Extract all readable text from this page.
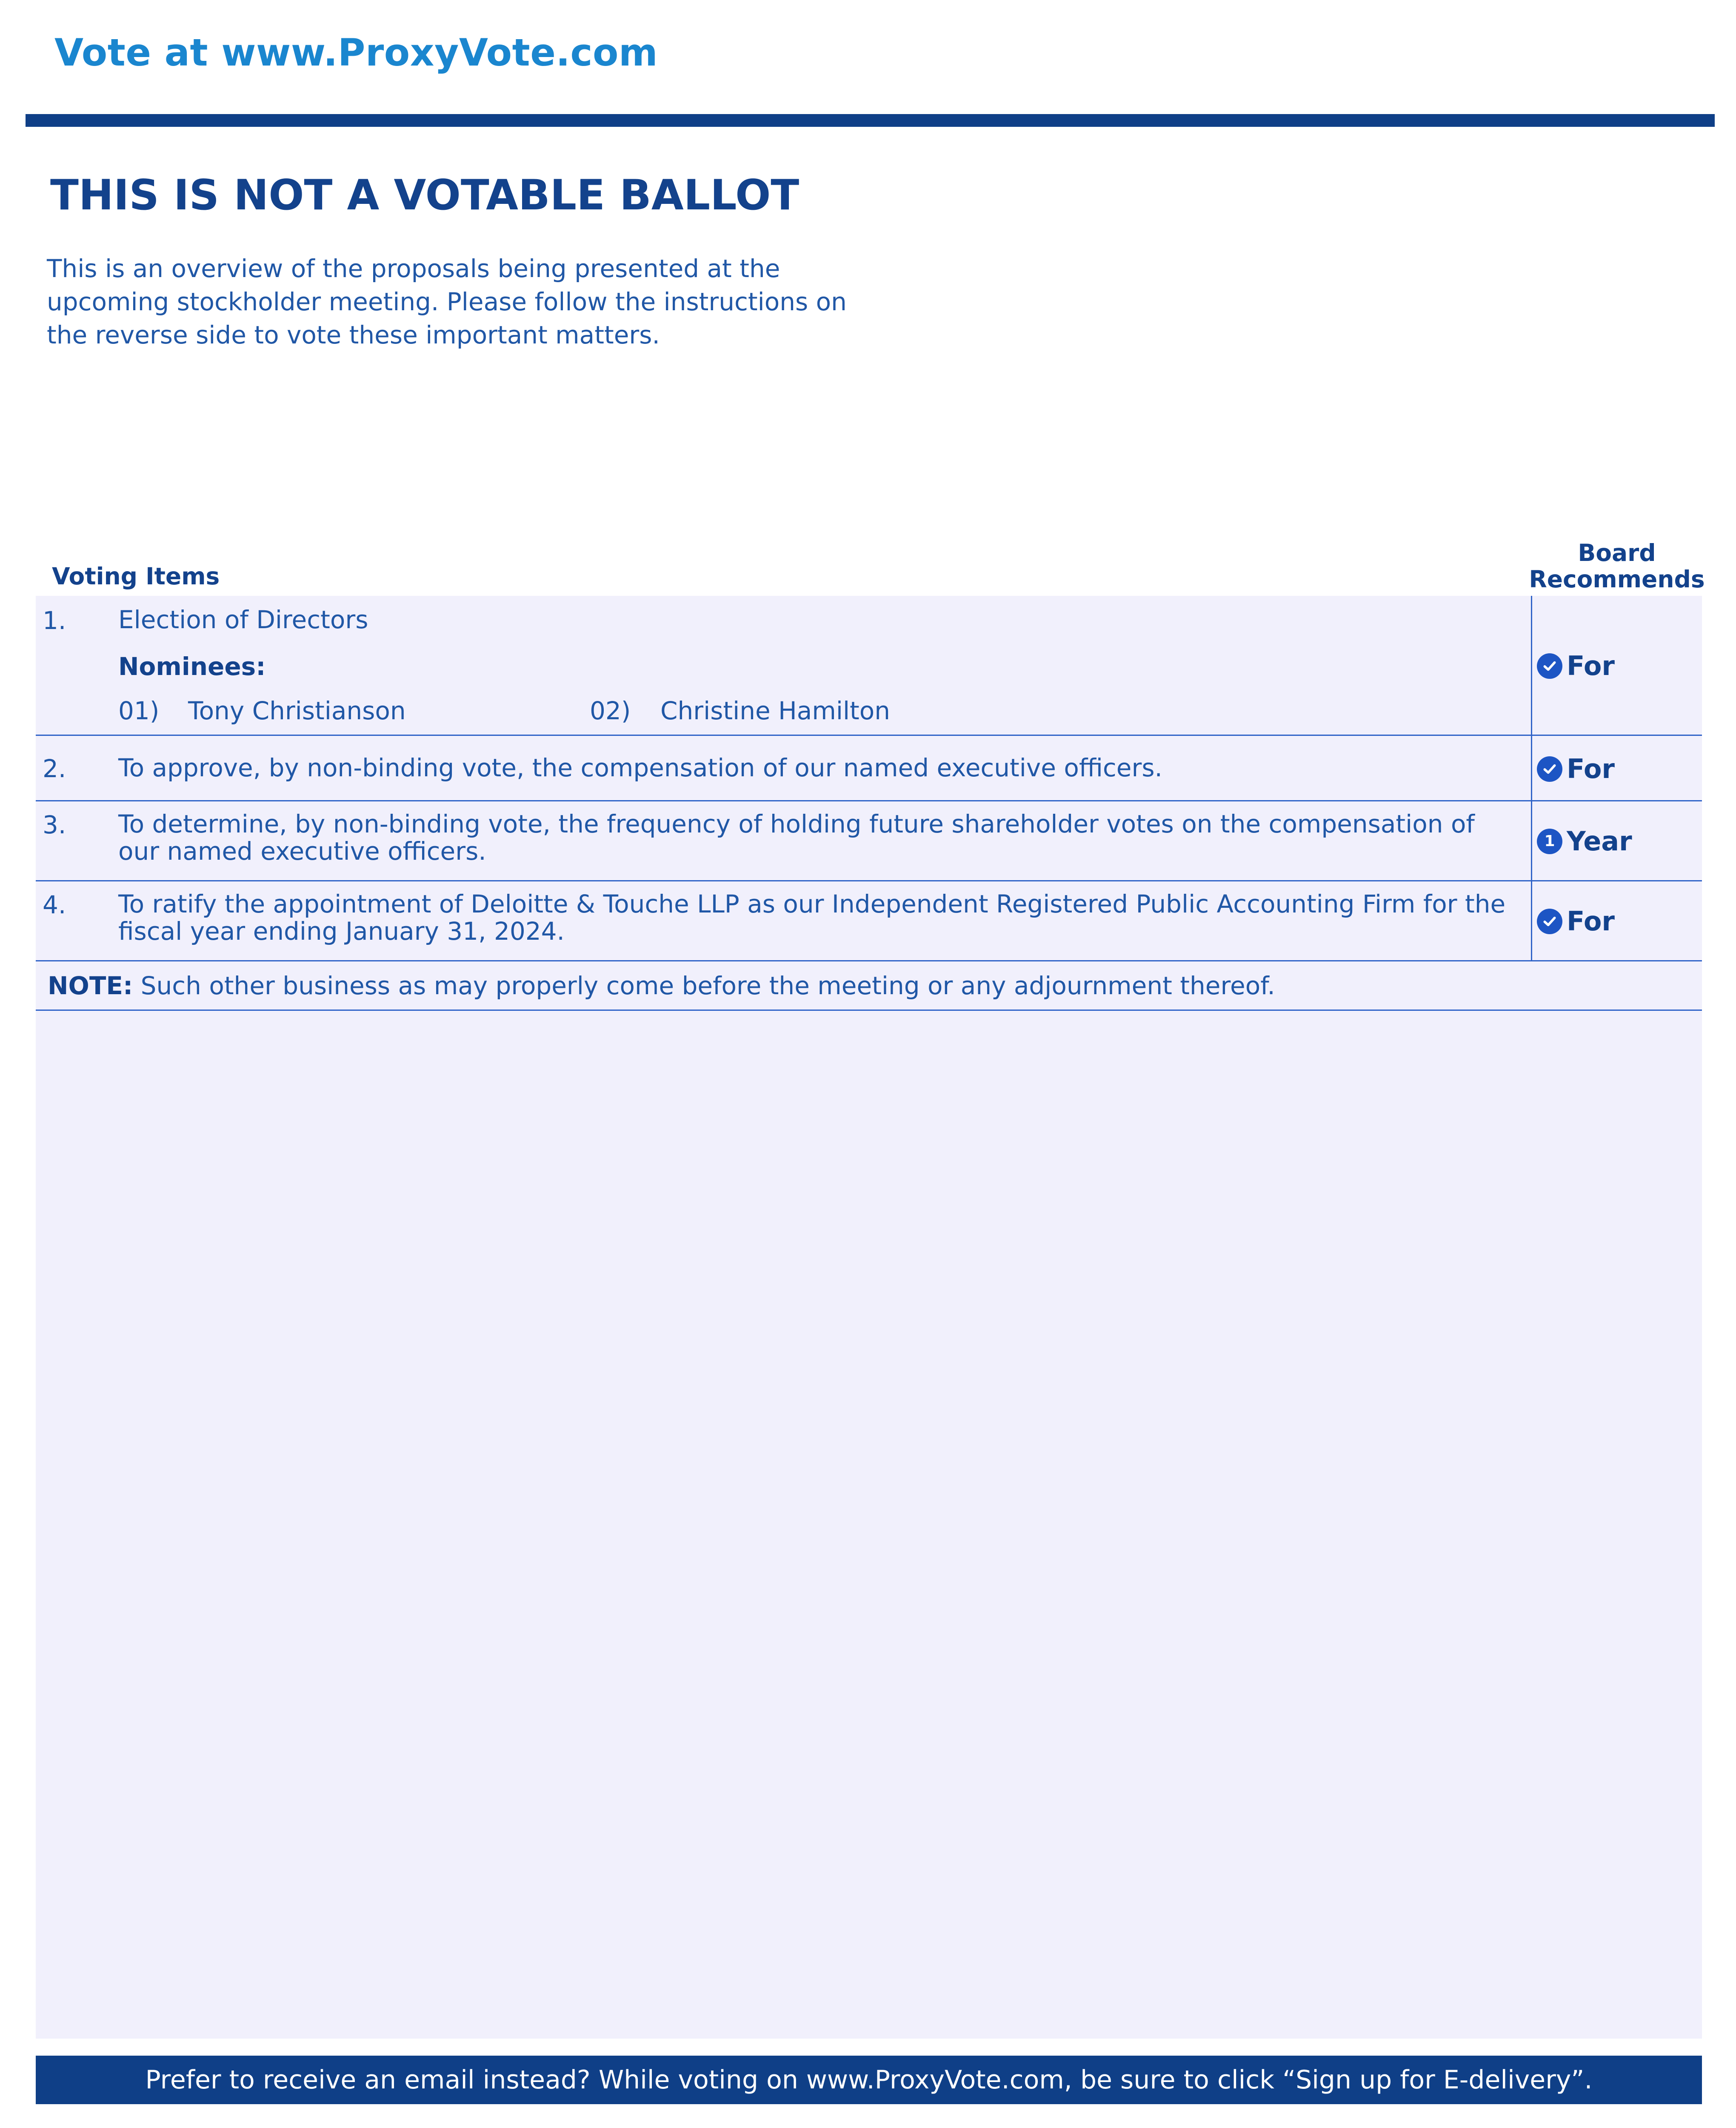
Vote at www.ProxyVote.com
THIS IS NOT A VOTABLE BALLOT
This is an overview of the proposals being presented at the upcoming stockholder meeting. Please follow the instructions on the reverse side to vote these important matters.
Voting Items
Board Recommends
1. Election of Directors
Nominees:
01) Tony Christianson	02) Christine Hamilton
For
2. To approve, by non-binding vote, the compensation of our named executive officers.	For
3. To determine, by non-binding vote, the frequency of holding future shareholder votes on the compensation of our named executive officers.	1 Year
4. To ratify the appointment of Deloitte & Touche LLP as our Independent Registered Public Accounting Firm for the fiscal year ending January 31, 2024.	For
NOTE: Such other business as may properly come before the meeting or any adjournment thereof.
Prefer to receive an email instead? While voting on www.ProxyVote.com, be sure to click “Sign up for E-delivery”.
